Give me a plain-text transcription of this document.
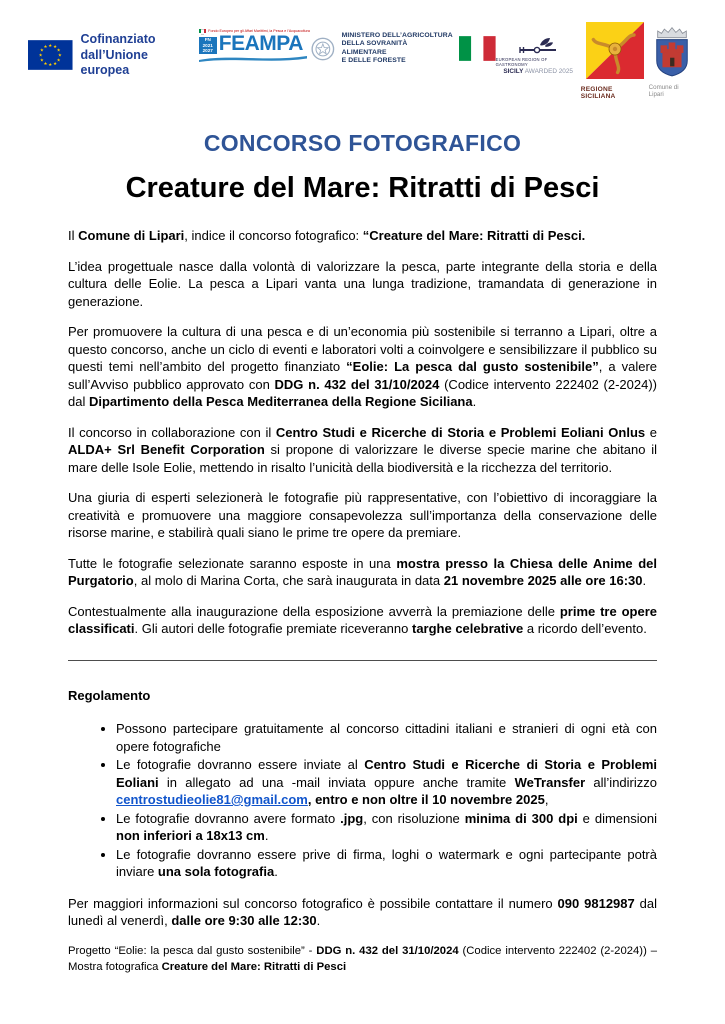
★ ★
★
★
★
★
★
★
★
★
★
★
Cofinanziato
dall’Unione europea
Fondo Europeo per gli Affari Marittimi, la Pesca e l’Acquacoltura
FN
2021
2027 FEAMPA	MINISTERO DELL’AGRICOLTURA
DELLA SOVRANITÀ ALIMENTARE
E DELLE FORESTE	EUROPEAN REGION OF GASTRONOMY
SICILY AWARDED 2025
REGIONE SICILIANA
Comune di Lipari
CONCORSO FOTOGRAFICO
Creature del Mare: Ritratti di Pesci

Il Comune di Lipari, indice il concorso fotografico: “Creature del Mare: Ritratti di Pesci.

L’idea progettuale nasce dalla volontà di valorizzare la pesca, parte integrante della storia e della cultura delle Eolie. La pesca a Lipari vanta una lunga tradizione, tramandata di generazione in generazione.

Per promuovere la cultura di una pesca e di un’economia più sostenibile si terranno a Lipari, oltre a questo concorso, anche un ciclo di eventi e laboratori volti a coinvolgere e sensibilizzare il pubblico su questi temi nell’ambito del progetto finanziato “Eolie: La pesca dal gusto sostenibile”, a valere sull’Avviso pubblico approvato con DDG n. 432 del 31/10/2024 (Codice intervento 222402 (2-2024)) dal Dipartimento della Pesca Mediterranea della Regione Siciliana.

Il concorso in collaborazione con il Centro Studi e Ricerche di Storia e Problemi Eoliani Onlus e ALDA+ Srl Benefit Corporation si propone di valorizzare le diverse specie marine che abitano il mare delle Isole Eolie, mettendo in risalto l’unicità della biodiversità e la ricchezza del territorio.

Una giuria di esperti selezionerà le fotografie più rappresentative, con l’obiettivo di incoraggiare la creatività e promuovere una maggiore consapevolezza sull’importanza della conservazione delle risorse marine, e stabilirà quali siano le prime tre opere da premiare.

Tutte le fotografie selezionate saranno esposte in una mostra presso la Chiesa delle Anime del Purgatorio, al molo di Marina Corta, che sarà inaugurata in data 21 novembre 2025 alle ore 16:30.

Contestualmente alla inaugurazione della esposizione avverrà la premiazione delle prime tre opere classificati. Gli autori delle fotografie premiate riceveranno targhe celebrative a ricordo dell’evento.

Regolamento
• Possono partecipare gratuitamente al concorso cittadini italiani e stranieri di ogni età con opere fotografiche
• Le fotografie dovranno essere inviate al Centro Studi e Ricerche di Storia e Problemi Eoliani in allegato ad una -mail inviata oppure anche tramite WeTransfer all’indirizzo centrostudieolie81@gmail.com, entro e non oltre il 10 novembre 2025,
• Le fotografie dovranno avere formato .jpg, con risoluzione minima di 300 dpi e dimensioni non inferiori a 18x13 cm.
• Le fotografie dovranno essere prive di firma, loghi o watermark e ogni partecipante potrà inviare una sola fotografia.

Per maggiori informazioni sul concorso fotografico è possibile contattare il numero 090 9812987 dal lunedì al venerdì, dalle ore 9:30 alle 12:30.

Progetto “Eolie: la pesca dal gusto sostenibile” - DDG n. 432 del 31/10/2024 (Codice intervento 222402 (2-2024)) – Mostra fotografica Creature del Mare: Ritratti di Pesci
